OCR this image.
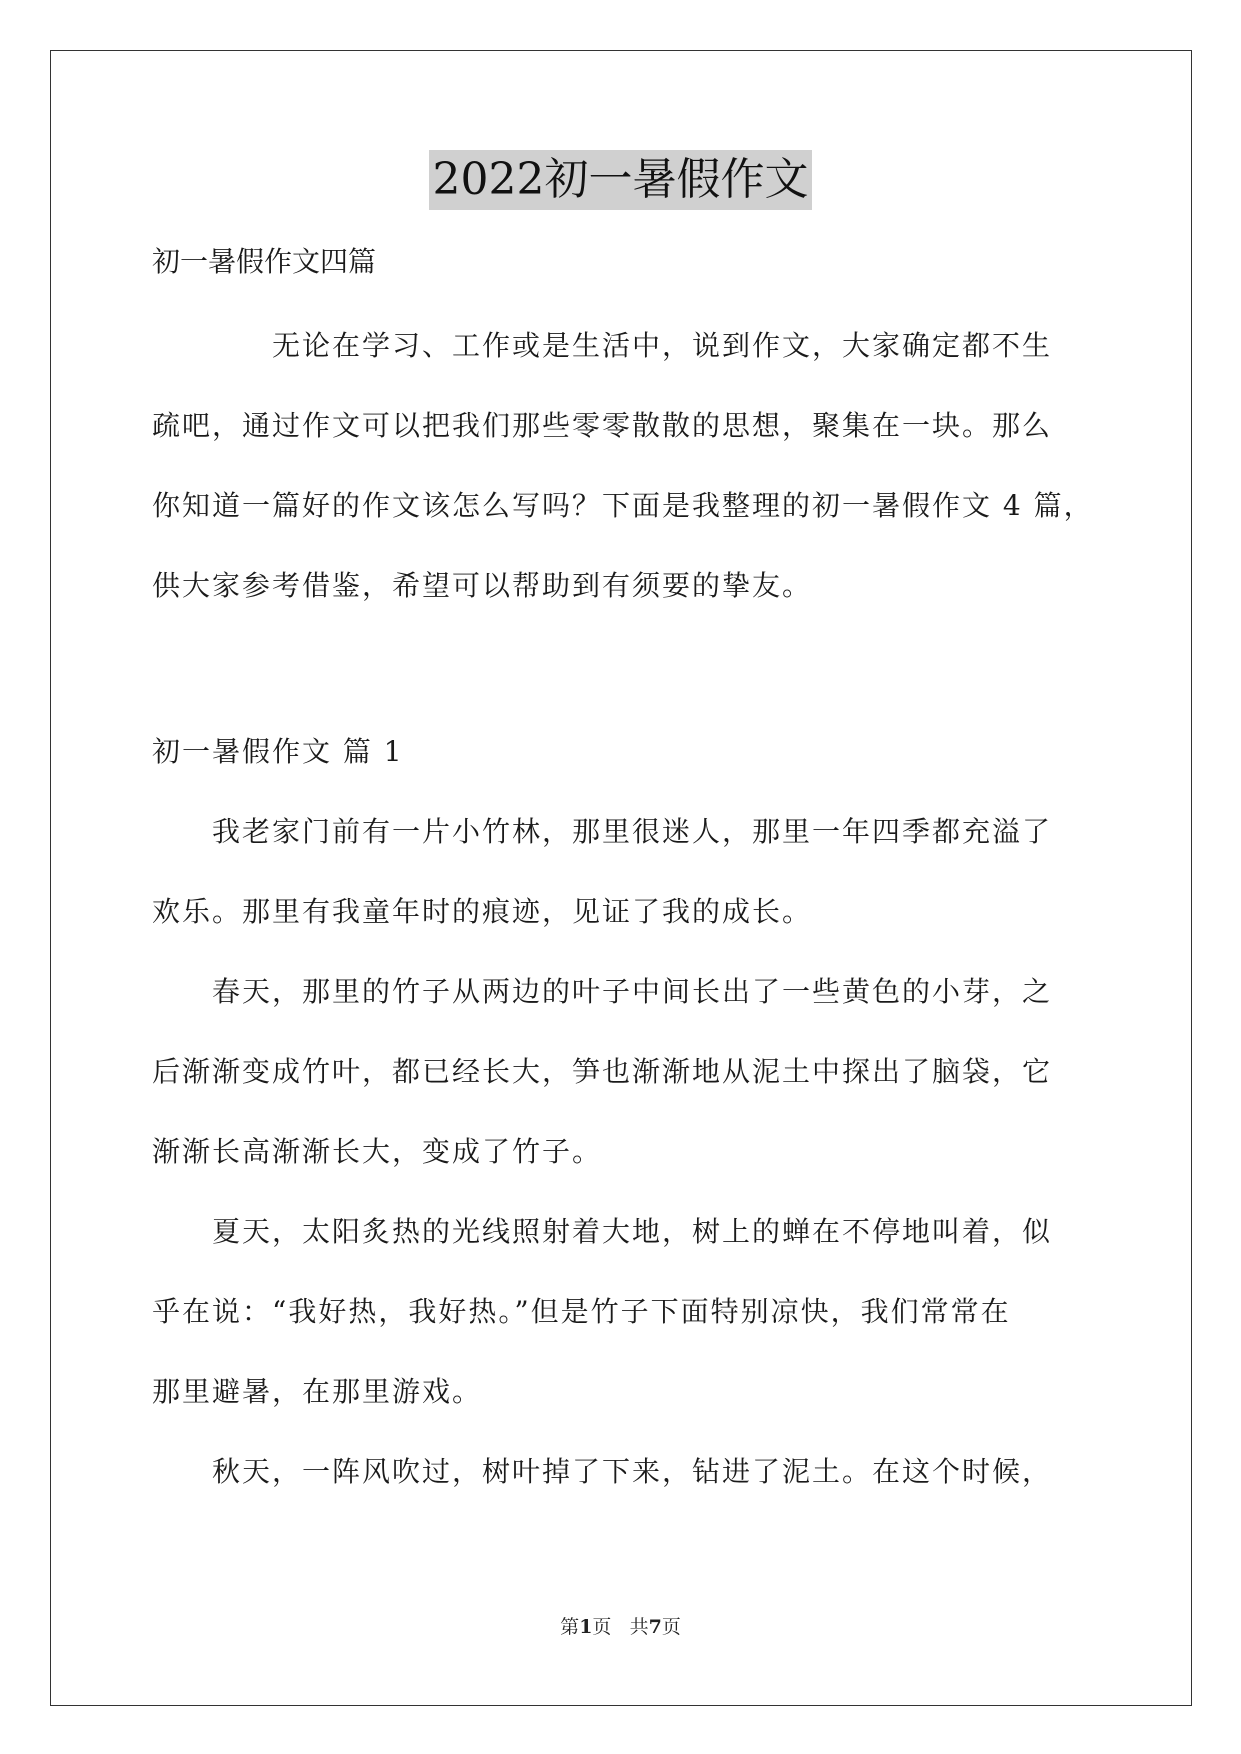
2022初一暑假作文
初一暑假作文四篇
无论在学习、工作或是生活中，说到作文，大家确定都不生
疏吧，通过作文可以把我们那些零零散散的思想，聚集在一块。那么
你知道一篇好的作文该怎么写吗？下面是我整理的初一暑假作文 4 篇，
供大家参考借鉴，希望可以帮助到有须要的挚友。
初一暑假作文 篇 1
我老家门前有一片小竹林，那里很迷人，那里一年四季都充溢了
欢乐。那里有我童年时的痕迹，见证了我的成长。
春天，那里的竹子从两边的叶子中间长出了一些黄色的小芽，之
后渐渐变成竹叶，都已经长大，笋也渐渐地从泥土中探出了脑袋，它
渐渐长高渐渐长大，变成了竹子。
夏天，太阳炙热的光线照射着大地，树上的蝉在不停地叫着，似
乎在说：“我好热，我好热。”但是竹子下面特别凉快，我们常常在
那里避暑，在那里游戏。
秋天，一阵风吹过，树叶掉了下来，钻进了泥土。在这个时候，
第1页 共7页
